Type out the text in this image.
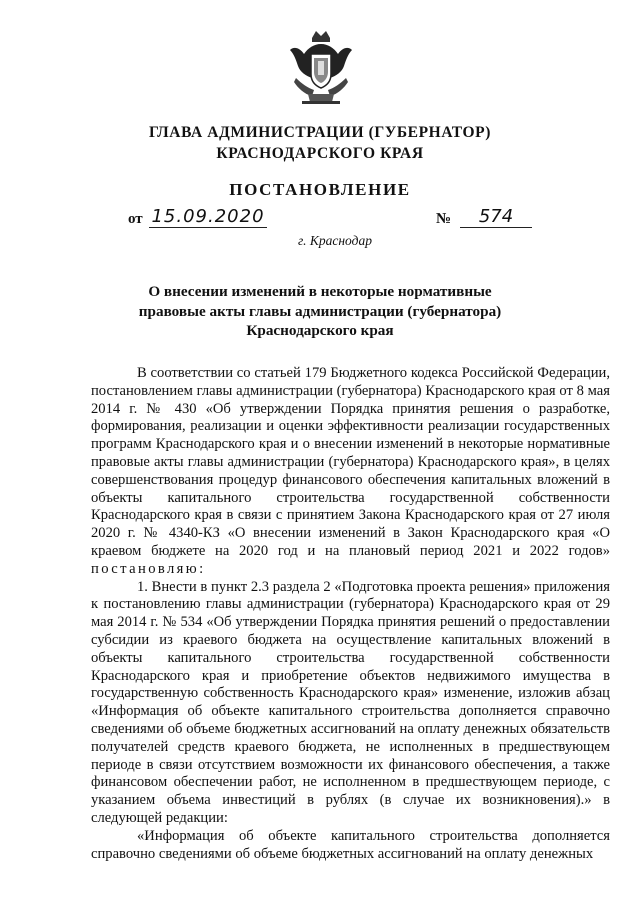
ГЛАВА АДМИНИСТРАЦИИ (ГУБЕРНАТОР)
КРАСНОДАРСКОГО КРАЯ
ПОСТАНОВЛЕНИЕ
от 15.09.2020	№	574
г. Краснодар
О внесении изменений в некоторые нормативные правовые акты главы администрации (губернатора) Краснодарского края

В соответствии со статьей 179 Бюджетного кодекса Российской Федерации, постановлением главы администрации (губернатора) Краснодарского края от 8 мая 2014 г. № 430 «Об утверждении Порядка принятия решения о разработке, формирования, реализации и оценки эффективности реализации государственных программ Краснодарского края и о внесении изменений в некоторые нормативные правовые акты главы администрации (губернатора) Краснодарского края», в целях совершенствования процедур финансового обеспечения капитальных вложений в объекты капитального строительства государственной собственности Краснодарского края в связи с принятием Закона Краснодарского края от 27 июля 2020 г. № 4340-КЗ «О внесении изменений в Закон Краснодарского края «О краевом бюджете на 2020 год и на плановый период 2021 и 2022 годов» постановляю:

1. Внести в пункт 2.3 раздела 2 «Подготовка проекта решения» приложения к постановлению главы администрации (губернатора) Краснодарского края от 29 мая 2014 г. № 534 «Об утверждении Порядка принятия решений о предоставлении субсидии из краевого бюджета на осуществление капитальных вложений в объекты капитального строительства государственной собственности Краснодарского края и приобретение объектов недвижимого имущества в государственную собственность Краснодарского края» изменение, изложив абзац «Информация об объекте капитального строительства дополняется справочно сведениями об объеме бюджетных ассигнований на оплату денежных обязательств получателей средств краевого бюджета, не исполненных в предшествующем периоде в связи отсутствием возможности их финансового обеспечения, а также финансовом обеспечении работ, не исполненном в предшествующем периоде, с указанием объема инвестиций в рублях (в случае их возникновения).» в следующей редакции:

«Информация об объекте капитального строительства дополняется справочно сведениями об объеме бюджетных ассигнований на оплату денежных
